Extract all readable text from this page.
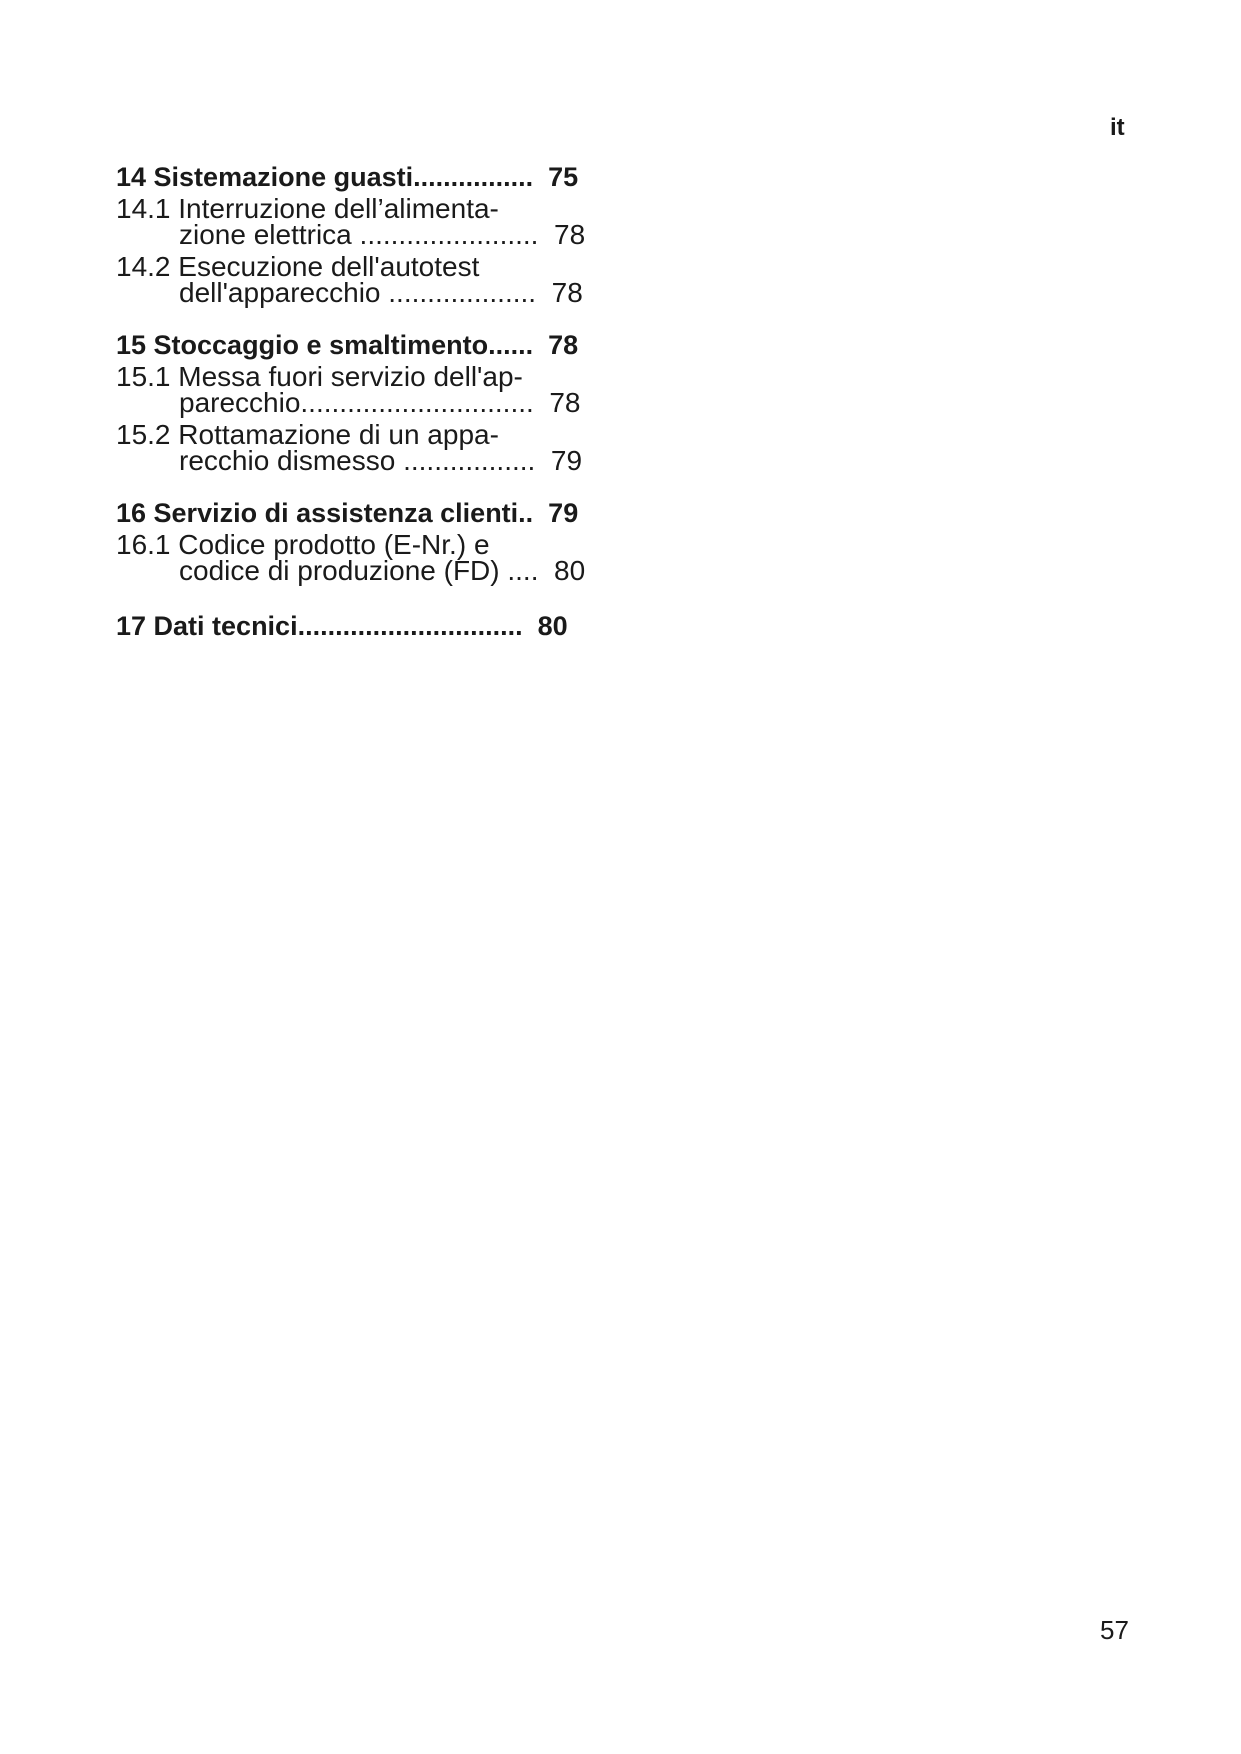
it
14 Sistemazione guasti................  75
14.1 Interruzione dell’alimenta-
zione elettrica .......................  78
14.2 Esecuzione dell'autotest
dell'apparecchio ...................  78
15 Stoccaggio e smaltimento......  78
15.1 Messa fuori servizio dell'ap-
parecchio..............................  78
15.2 Rottamazione di un appa-
recchio dismesso .................  79
16 Servizio di assistenza clienti..  79
16.1 Codice prodotto (E-Nr.) e
codice di produzione (FD) ....  80
17 Dati tecnici..............................  80
57
